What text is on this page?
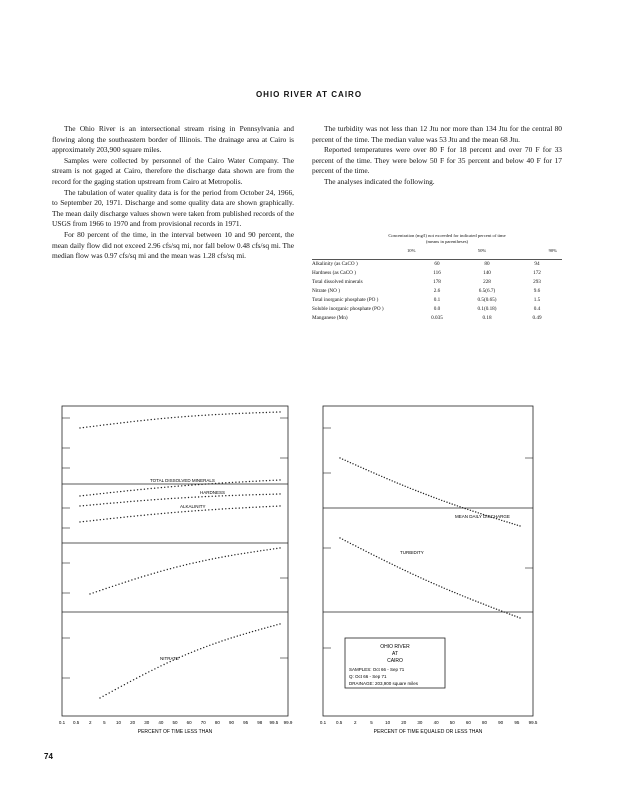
OHIO RIVER AT CAIRO

The Ohio River is an intersectional stream rising in Pennsylvania and flowing along the southeastern border of Illinois. The drainage area at Cairo is approximately 203,900 square miles.

Samples were collected by personnel of the Cairo Water Company. The stream is not gaged at Cairo, therefore the discharge data shown are from the record for the gaging station upstream from Cairo at Metropolis.

The tabulation of water quality data is for the period from October 24, 1966, to September 20, 1971. Discharge and some quality data are shown graphically. The mean daily discharge values shown were taken from published records of the USGS from 1966 to 1970 and from provisional records in 1971.

For 80 percent of the time, in the interval between 10 and 90 percent, the mean daily flow did not exceed 2.96 cfs/sq mi, nor fall below 0.48 cfs/sq mi. The median flow was 0.97 cfs/sq mi and the mean was 1.28 cfs/sq mi.

The turbidity was not less than 12 Jtu nor more than 134 Jtu for the central 80 percent of the time. The median value was 53 Jtu and the mean 68 Jtu.

Reported temperatures were over 80 F for 18 percent and over 70 F for 33 percent of the time. They were below 50 F for 35 percent and below 40 F for 17 percent of the time.

The analyses indicated the following.

Concentration (mg/l) not exceeded for indicated percent of time (means in parentheses)
10%	50%	90%
Alkalinity (as CaCO )	60	80	94
Hardness (as CaCO )	116	140	172
Total dissolved minerals	178	228	293
Nitrate (NO )	2.6	6.5(6.7)	9.6
Total inorganic phosphate (PO )	0.1	0.5(0.65)	1.5
Soluble inorganic phosphate (PO )	0.0	0.1(0.18)	0.4
Manganese (Mn)	0.035	0.18	0.49
TOTAL DISSOLVED MINERALS
HARDNESS
ALKALINITY
NITRATE
MEAN DAILY DISCHARGE
TURBIDITY
OHIO RIVER
AT
CAIRO
SAMPLES: Oct 66 - Sep 71
Q: Oct 66 - Sep 71
DRAINAGE: 203,900 square miles
0.1 0.5 2	5 10 20 30 40 50 60 70 80 90 95 98 99.5 99.9	0.1 0.5	2	5	10 20 30 40 50 60 80 90 95 99.5
PERCENT OF TIME LESS THAN	PERCENT OF TIME EQUALED OR LESS THAN
74
